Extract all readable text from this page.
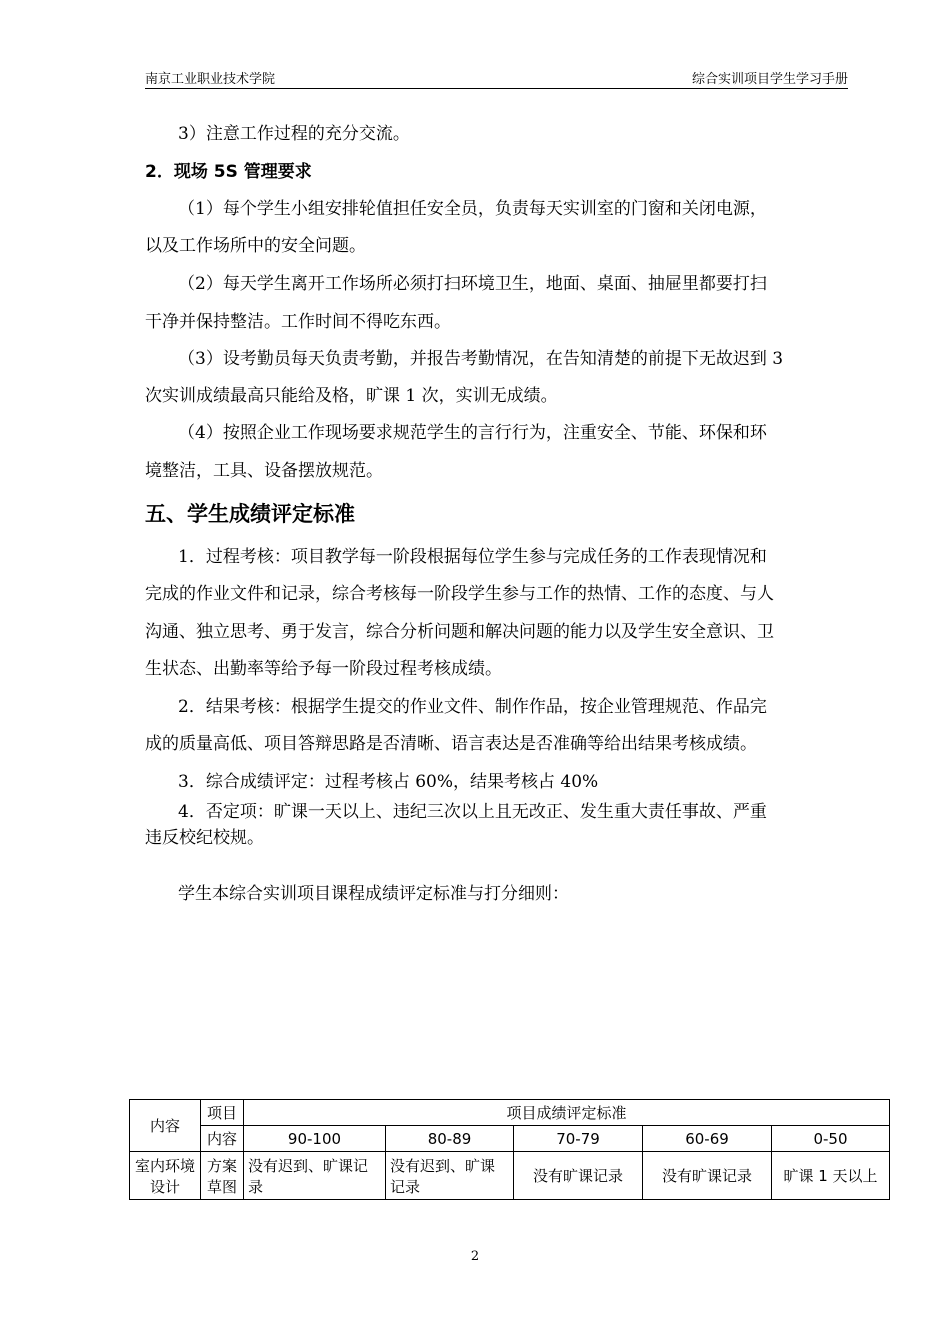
南京工业职业技术学院	综合实训项目学生学习手册
3）注意工作过程的充分交流。
2．现场 5S 管理要求
（1）每个学生小组安排轮值担任安全员，负责每天实训室的门窗和关闭电源，
以及工作场所中的安全问题。
（2）每天学生离开工作场所必须打扫环境卫生，地面、桌面、抽屉里都要打扫
干净并保持整洁。工作时间不得吃东西。
（3）设考勤员每天负责考勤，并报告考勤情况，在告知清楚的前提下无故迟到 3
次实训成绩最高只能给及格，旷课 1 次，实训无成绩。
（4）按照企业工作现场要求规范学生的言行行为，注重安全、节能、环保和环
境整洁，工具、设备摆放规范。
五、学生成绩评定标准
1．过程考核：项目教学每一阶段根据每位学生参与完成任务的工作表现情况和
完成的作业文件和记录，综合考核每一阶段学生参与工作的热情、工作的态度、与人
沟通、独立思考、勇于发言，综合分析问题和解决问题的能力以及学生安全意识、卫
生状态、出勤率等给予每一阶段过程考核成绩。
2．结果考核：根据学生提交的作业文件、制作作品，按企业管理规范、作品完
成的质量高低、项目答辩思路是否清晰、语言表达是否准确等给出结果考核成绩。
3．综合成绩评定：过程考核占 60%，结果考核占 40%
4．否定项：旷课一天以上、违纪三次以上且无改正、发生重大责任事故、严重
违反校纪校规。
学生本综合实训项目课程成绩评定标准与打分细则：
内容	项目	项目成绩评定标准				
	内容	90-100	80-89	70-79	60-69	0-50
室内环境设计	方案草图	没有迟到、旷课记录	没有迟到、旷课记录	没有旷课记录	没有旷课记录	旷课 1 天以上
2
